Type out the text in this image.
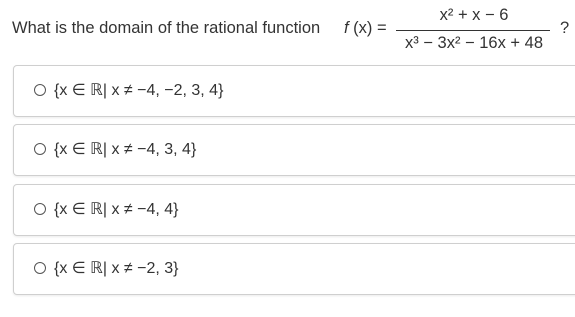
What is the domain of the rational function f (x) =
x² + x − 6
x³ − 3x² − 16x + 48
?
{x ∈ ℝ| x ≠ −4, −2, 3, 4}
{x ∈ ℝ| x ≠ −4, 3, 4}
{x ∈ ℝ| x ≠ −4, 4}
{x ∈ ℝ| x ≠ −2, 3}
